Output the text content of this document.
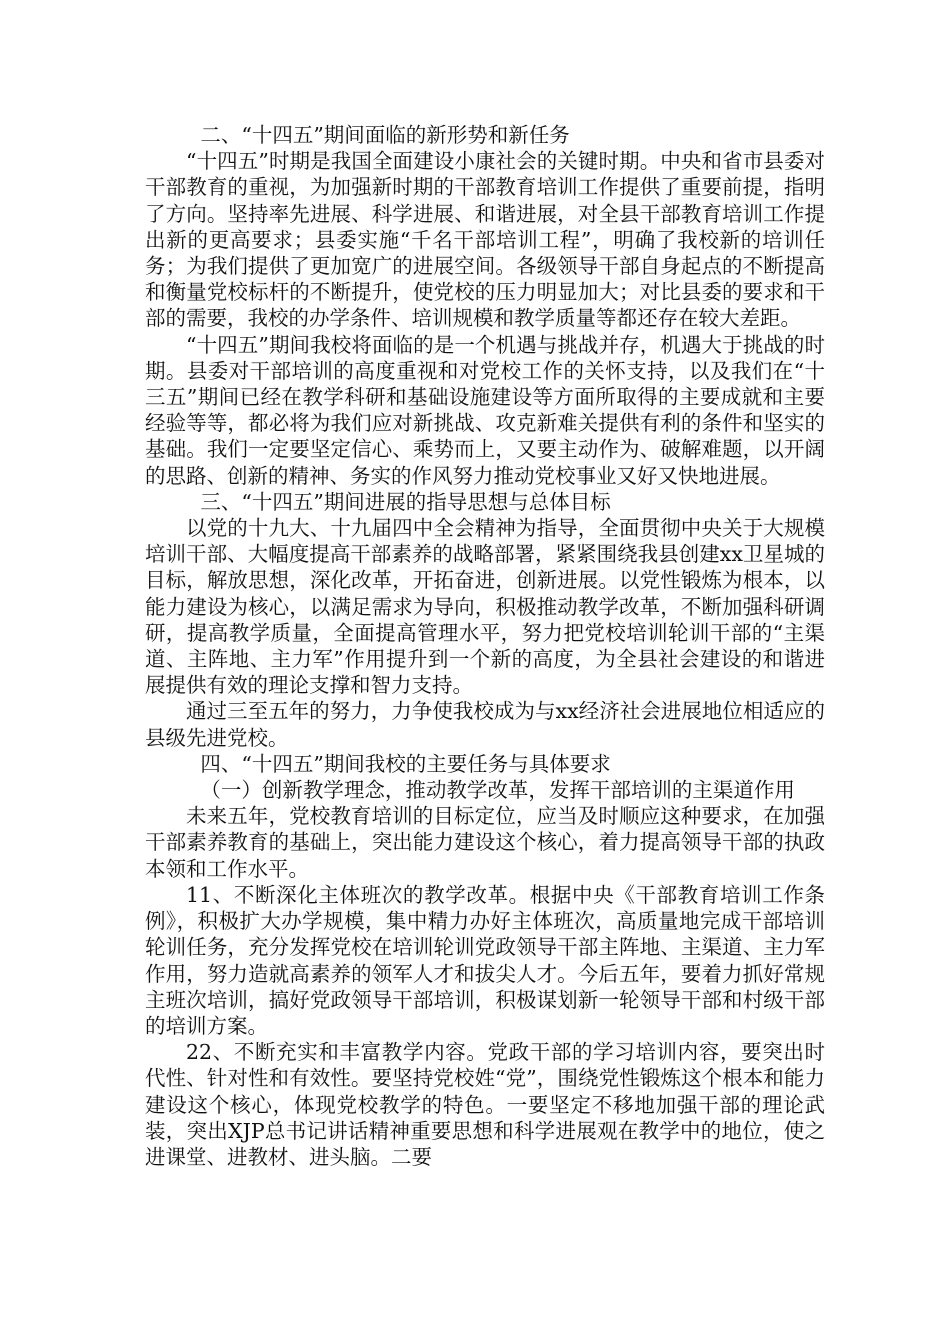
二、“十四五”期间面临的新形势和新任务

“十四五”时期是我国全面建设小康社会的关键时期。中央和省市县委对干部教育的重视，为加强新时期的干部教育培训工作提供了重要前提，指明了方向。坚持率先进展、科学进展、和谐进展，对全县干部教育培训工作提出新的更高要求；县委实施“千名干部培训工程”，明确了我校新的培训任务；为我们提供了更加宽广的进展空间。各级领导干部自身起点的不断提高和衡量党校标杆的不断提升，使党校的压力明显加大；对比县委的要求和干部的需要，我校的办学条件、培训规模和教学质量等都还存在较大差距。

“十四五”期间我校将面临的是一个机遇与挑战并存，机遇大于挑战的时期。县委对干部培训的高度重视和对党校工作的关怀支持，以及我们在“十三五”期间已经在教学科研和基础设施建设等方面所取得的主要成就和主要经验等等，都必将为我们应对新挑战、攻克新难关提供有利的条件和坚实的基础。我们一定要坚定信心、乘势而上，又要主动作为、破解难题，以开阔的思路、创新的精神、务实的作风努力推动党校事业又好又快地进展。

三、“十四五”期间进展的指导思想与总体目标

以党的十九大、十九届四中全会精神为指导，全面贯彻中央关于大规模培训干部、大幅度提高干部素养的战略部署，紧紧围绕我县创建xx卫星城的目标，解放思想，深化改革，开拓奋进，创新进展。以党性锻炼为根本，以能力建设为核心，以满足需求为导向，积极推动教学改革，不断加强科研调研，提高教学质量，全面提高管理水平，努力把党校培训轮训干部的“主渠道、主阵地、主力军”作用提升到一个新的高度，为全县社会建设的和谐进展提供有效的理论支撑和智力支持。

通过三至五年的努力，力争使我校成为与xx经济社会进展地位相适应的县级先进党校。

四、“十四五”期间我校的主要任务与具体要求

（一）创新教学理念，推动教学改革，发挥干部培训的主渠道作用

未来五年，党校教育培训的目标定位，应当及时顺应这种要求，在加强干部素养教育的基础上，突出能力建设这个核心，着力提高领导干部的执政本领和工作水平。

11、不断深化主体班次的教学改革。根据中央《干部教育培训工作条例》，积极扩大办学规模，集中精力办好主体班次，高质量地完成干部培训轮训任务，充分发挥党校在培训轮训党政领导干部主阵地、主渠道、主力军作用，努力造就高素养的领军人才和拔尖人才。今后五年，要着力抓好常规主班次培训，搞好党政领导干部培训，积极谋划新一轮领导干部和村级干部的培训方案。

22、不断充实和丰富教学内容。党政干部的学习培训内容，要突出时代性、针对性和有效性。要坚持党校姓“党”，围绕党性锻炼这个根本和能力建设这个核心，体现党校教学的特色。一要坚定不移地加强干部的理论武装，突出XJP总书记讲话精神重要思想和科学进展观在教学中的地位，使之进课堂、进教材、进头脑。二要
